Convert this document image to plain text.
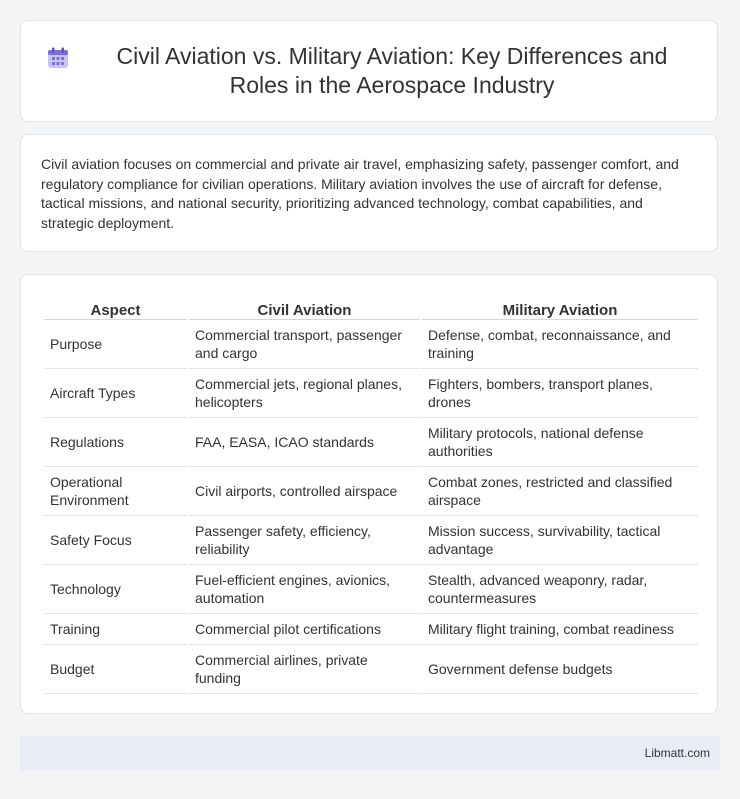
Civil Aviation vs. Military Aviation: Key Differences and Roles in the Aerospace Industry

Civil aviation focuses on commercial and private air travel, emphasizing safety, passenger comfort, and regulatory compliance for civilian operations. Military aviation involves the use of aircraft for defense, tactical missions, and national security, prioritizing advanced technology, combat capabilities, and strategic deployment.

Aspect	Civil Aviation	Military Aviation
Purpose	Commercial transport, passenger and cargo	Defense, combat, reconnaissance, and training
Aircraft Types	Commercial jets, regional planes, helicopters	Fighters, bombers, transport planes, drones
Regulations	FAA, EASA, ICAO standards	Military protocols, national defense authorities
Operational Environment	Civil airports, controlled airspace	Combat zones, restricted and classified airspace
Safety Focus	Passenger safety, efficiency, reliability	Mission success, survivability, tactical advantage
Technology	Fuel-efficient engines, avionics, automation	Stealth, advanced weaponry, radar, countermeasures
Training	Commercial pilot certifications	Military flight training, combat readiness
Budget	Commercial airlines, private funding	Government defense budgets
Libmatt.com
